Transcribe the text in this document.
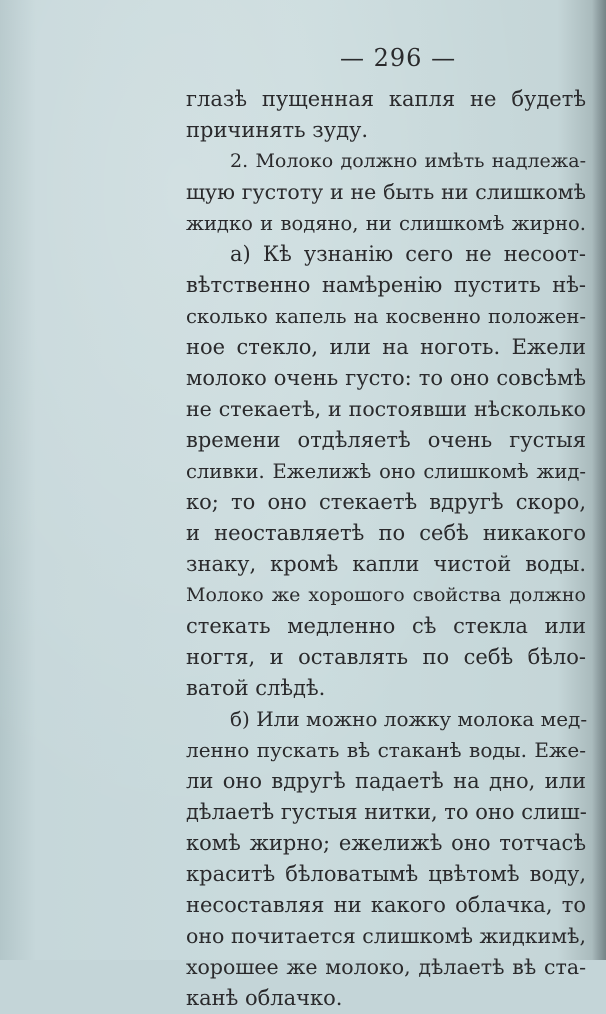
— 296 —
глазѣ пущенная капля не будетѣ
причинять зуду.
2. Молоко должно имѣть надлежа-
щую густоту и не быть ни слишкомѣ
жидко и водяно, ни слишкомѣ жирно.
а) Кѣ узнанію сего не несоот-
вѣтственно намѣренію пустить нѣ-
сколько капель на косвенно положен-
ное стекло, или на ноготь. Ежели
молоко очень густо: то оно совсѣмѣ
не стекаетѣ, и постоявши нѣсколько
времени отдѣляетѣ очень густыя
сливки. Ежелижѣ оно слишкомѣ жид-
ко; то оно стекаетѣ вдругѣ скоро,
и неоставляетѣ по себѣ никакого
знаку, кромѣ капли чистой воды.
Молоко же хорошого свойства должно
стекать медленно сѣ стекла или
ногтя, и оставлять по себѣ бѣло-
ватой слѣдѣ.
б) Или можно ложку молока мед-
ленно пускать вѣ стаканѣ воды. Еже-
ли оно вдругѣ падаетѣ на дно, или
дѣлаетѣ густыя нитки, то оно слиш-
комѣ жирно; ежелижѣ оно тотчасѣ
краситѣ бѣловатымѣ цвѣтомѣ воду,
несоставляя ни какого облачка, то
оно почитается слишкомѣ жидкимѣ,
хорошее же молоко, дѣлаетѣ вѣ ста-
канѣ облачко.
